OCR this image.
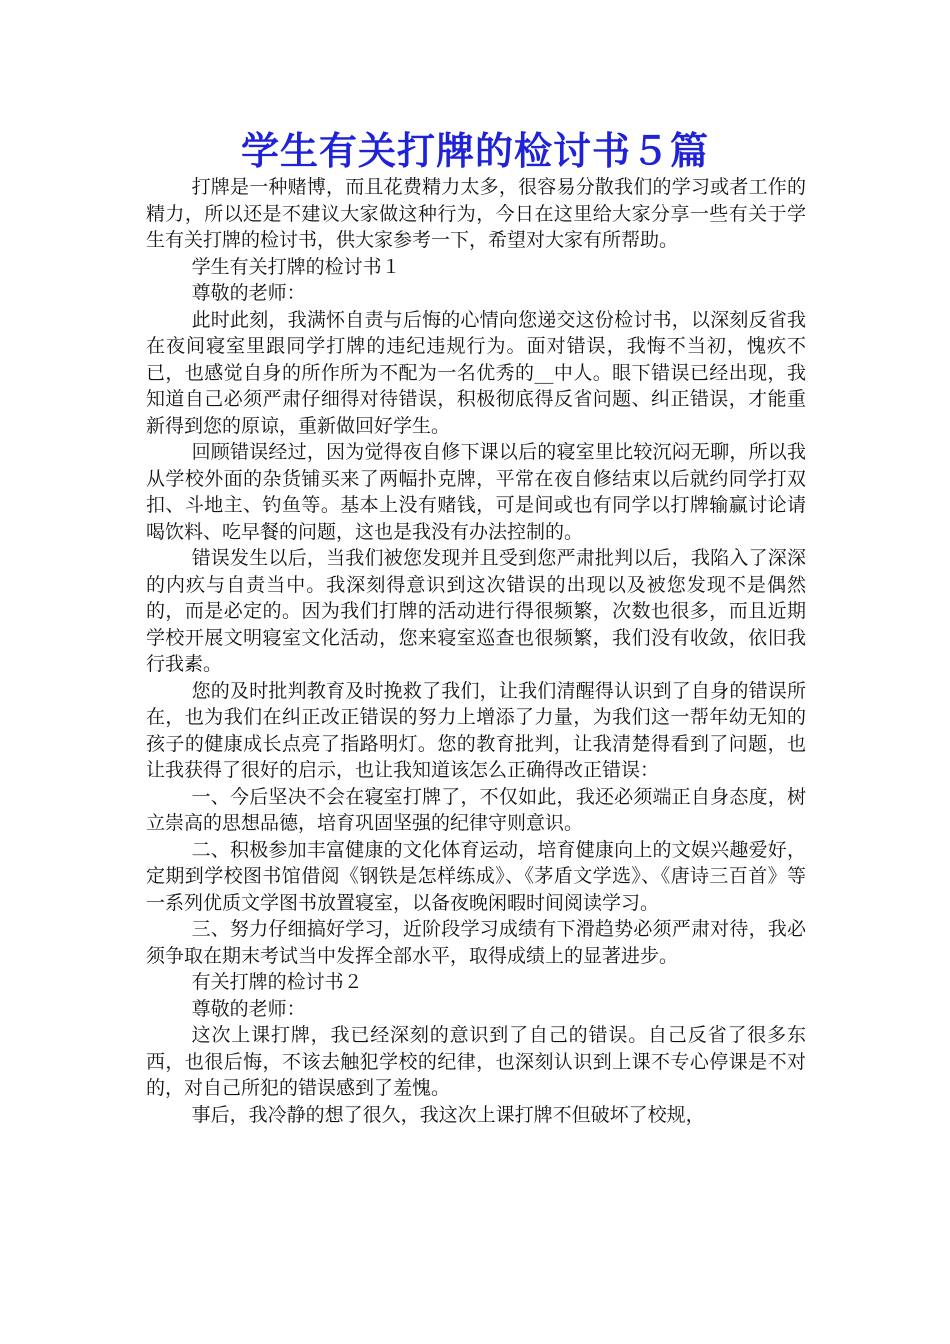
学生有关打牌的检讨书５篇

打牌是一种赌博，而且花费精力太多，很容易分散我们的学习或者工作的精力，所以还是不建议大家做这种行为，今日在这里给大家分享一些有关于学生有关打牌的检讨书，供大家参考一下，希望对大家有所帮助。

学生有关打牌的检讨书１

尊敬的老师：

此时此刻，我满怀自责与后悔的心情向您递交这份检讨书，以深刻反省我在夜间寝室里跟同学打牌的违纪违规行为。面对错误，我悔不当初，愧疚不已，也感觉自身的所作所为不配为一名优秀的__中人。眼下错误已经出现，我知道自己必须严肃仔细得对待错误，积极彻底得反省问题、纠正错误，才能重新得到您的原谅，重新做回好学生。

回顾错误经过，因为觉得夜自修下课以后的寝室里比较沉闷无聊，所以我从学校外面的杂货铺买来了两幅扑克牌，平常在夜自修结束以后就约同学打双扣、斗地主、钓鱼等。基本上没有赌钱，可是间或也有同学以打牌输赢讨论请喝饮料、吃早餐的问题，这也是我没有办法控制的。

错误发生以后，当我们被您发现并且受到您严肃批判以后，我陷入了深深的内疚与自责当中。我深刻得意识到这次错误的出现以及被您发现不是偶然的，而是必定的。因为我们打牌的活动进行得很频繁，次数也很多，而且近期学校开展文明寝室文化活动，您来寝室巡查也很频繁，我们没有收敛，依旧我行我素。

您的及时批判教育及时挽救了我们，让我们清醒得认识到了自身的错误所在，也为我们在纠正改正错误的努力上增添了力量，为我们这一帮年幼无知的孩子的健康成长点亮了指路明灯。您的教育批判，让我清楚得看到了问题，也让我获得了很好的启示，也让我知道该怎么正确得改正错误：

一、今后坚决不会在寝室打牌了，不仅如此，我还必须端正自身态度，树立崇高的思想品德，培育巩固坚强的纪律守则意识。

二、积极参加丰富健康的文化体育运动，培育健康向上的文娱兴趣爱好，定期到学校图书馆借阅《钢铁是怎样练成》、《茅盾文学选》、《唐诗三百首》等一系列优质文学图书放置寝室，以备夜晚闲暇时间阅读学习。

三、努力仔细搞好学习，近阶段学习成绩有下滑趋势必须严肃对待，我必须争取在期末考试当中发挥全部水平，取得成绩上的显著进步。

有关打牌的检讨书２

尊敬的老师：

这次上课打牌，我已经深刻的意识到了自己的错误。自己反省了很多东西，也很后悔，不该去触犯学校的纪律，也深刻认识到上课不专心停课是不对的，对自己所犯的错误感到了羞愧。

事后，我冷静的想了很久，我这次上课打牌不但破坏了校规，
